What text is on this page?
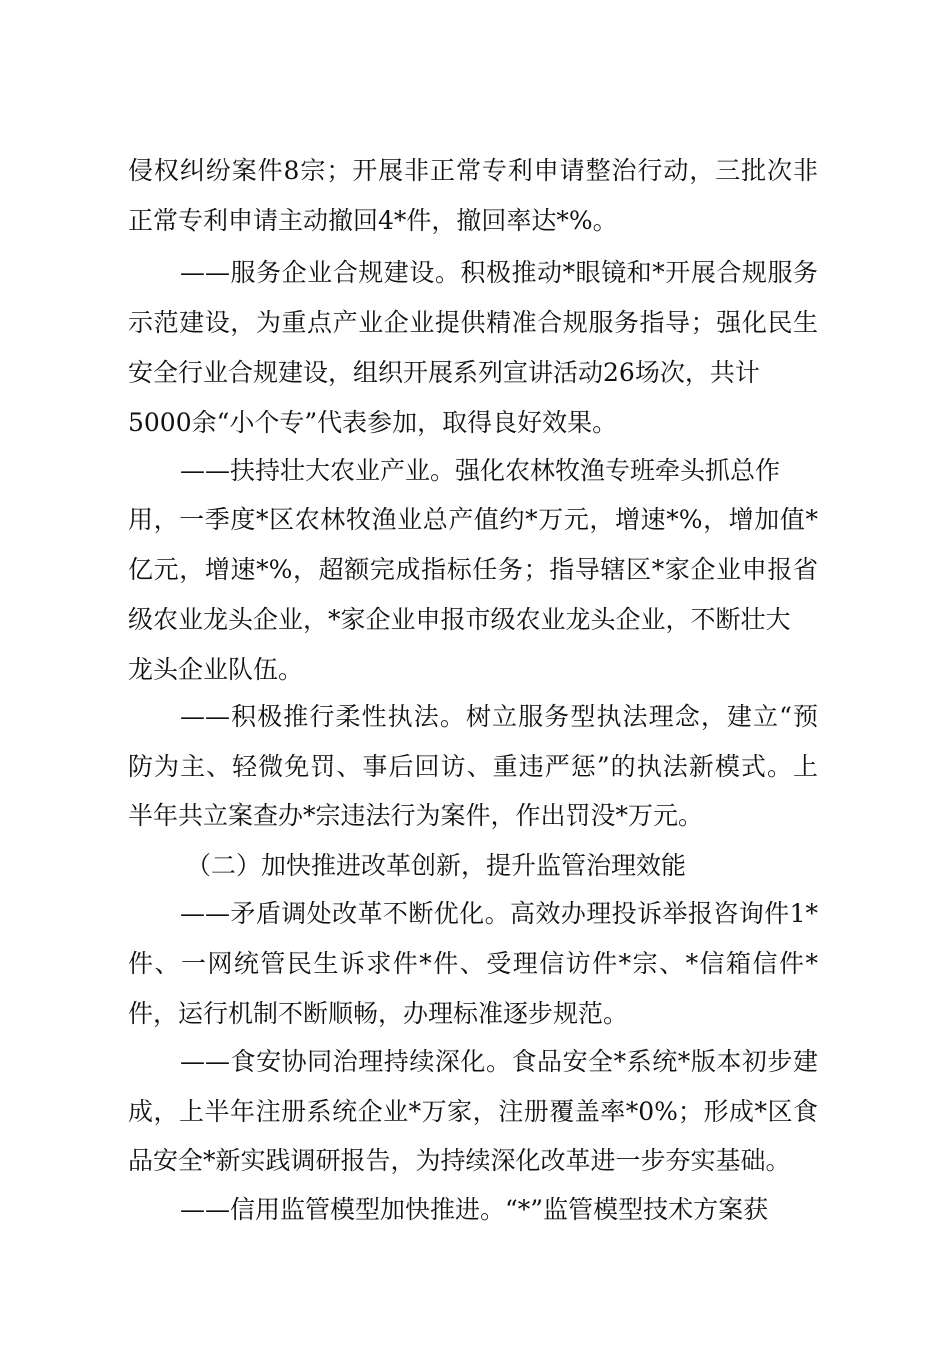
侵权纠纷案件8宗；开展非正常专利申请整治行动，三批次非
正常专利申请主动撤回4*件，撤回率达*%。
——服务企业合规建设。积极推动*眼镜和*开展合规服务
示范建设，为重点产业企业提供精准合规服务指导；强化民生
安全行业合规建设，组织开展系列宣讲活动26场次，共计
5000余“小个专”代表参加，取得良好效果。
——扶持壮大农业产业。强化农林牧渔专班牵头抓总作
用，一季度*区农林牧渔业总产值约*万元，增速*%，增加值*
亿元，增速*%，超额完成指标任务；指导辖区*家企业申报省
级农业龙头企业，*家企业申报市级农业龙头企业，不断壮大
龙头企业队伍。
——积极推行柔性执法。树立服务型执法理念，建立“预
防为主、轻微免罚、事后回访、重违严惩”的执法新模式。上
半年共立案查办*宗违法行为案件，作出罚没*万元。
（二）加快推进改革创新，提升监管治理效能
——矛盾调处改革不断优化。高效办理投诉举报咨询件1*
件、一网统管民生诉求件*件、受理信访件*宗、*信箱信件*
件，运行机制不断顺畅，办理标准逐步规范。
——食安协同治理持续深化。食品安全*系统*版本初步建
成，上半年注册系统企业*万家，注册覆盖率*0%；形成*区食
品安全*新实践调研报告，为持续深化改革进一步夯实基础。
——信用监管模型加快推进。“*”监管模型技术方案获
